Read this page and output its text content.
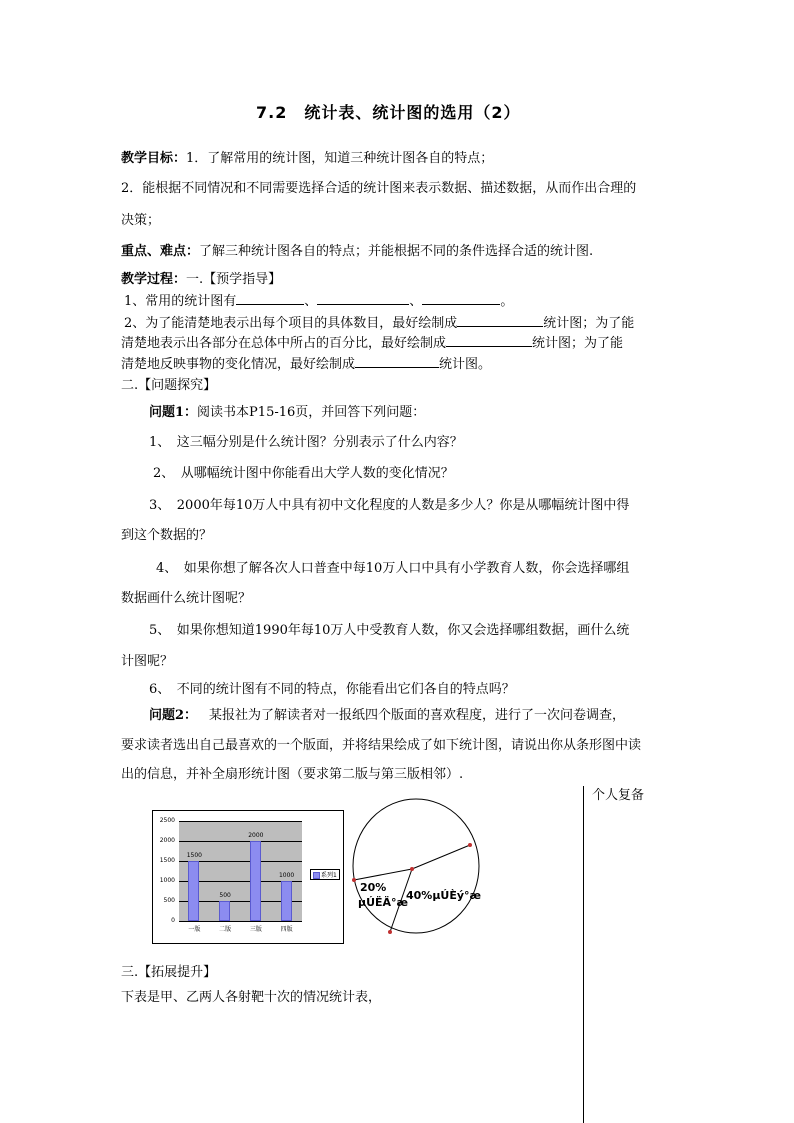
7.2　统计表、统计图的选用（2）
教学目标：1．了解常用的统计图，知道三种统计图各自的特点；
2．能根据不同情况和不同需要选择合适的统计图来表示数据、描述数据，从而作出合理的
决策；
重点、难点：了解三种统计图各自的特点；并能根据不同的条件选择合适的统计图.
教学过程：一.【预学指导】
1、常用的统计图有	、	、	。
2、为了能清楚地表示出每个项目的具体数目，最好绘制成	统计图；为了能
清楚地表示出各部分在总体中所占的百分比，最好绘制成	统计图；为了能
清楚地反映事物的变化情况，最好绘制成	统计图。
二.【问题探究】
问题1：阅读书本P15-16页，并回答下列问题：
1、　这三幅分别是什么统计图？分别表示了什么内容？
2、　从哪幅统计图中你能看出大学人数的变化情况？
3、　2000年每10万人中具有初中文化程度的人数是多少人？你是从哪幅统计图中得
到这个数据的？
4、　如果你想了解各次人口普查中每10万人口中具有小学教育人数，你会选择哪组
数据画什么统计图呢？
5、　如果你想知道1990年每10万人中受教育人数，你又会选择哪组数据，画什么统
计图呢？
6、　不同的统计图有不同的特点，你能看出它们各自的特点吗？
问题2： 某报社为了解读者对一报纸四个版面的喜欢程度，进行了一次问卷调查，
要求读者选出自己最喜欢的一个版面，并将结果绘成了如下统计图，请说出你从条形图中读
出的信息，并补全扇形统计图（要求第二版与第三版相邻）.
个人复备
系列1
2500
2000
1500
1000
500
0
1500
一版
500
二版
2000
三版
1000
四版
20%
µÚËÄ°æ
40%µÚÈý°æ
三.【拓展提升】
下表是甲、乙两人各射靶十次的情况统计表，
